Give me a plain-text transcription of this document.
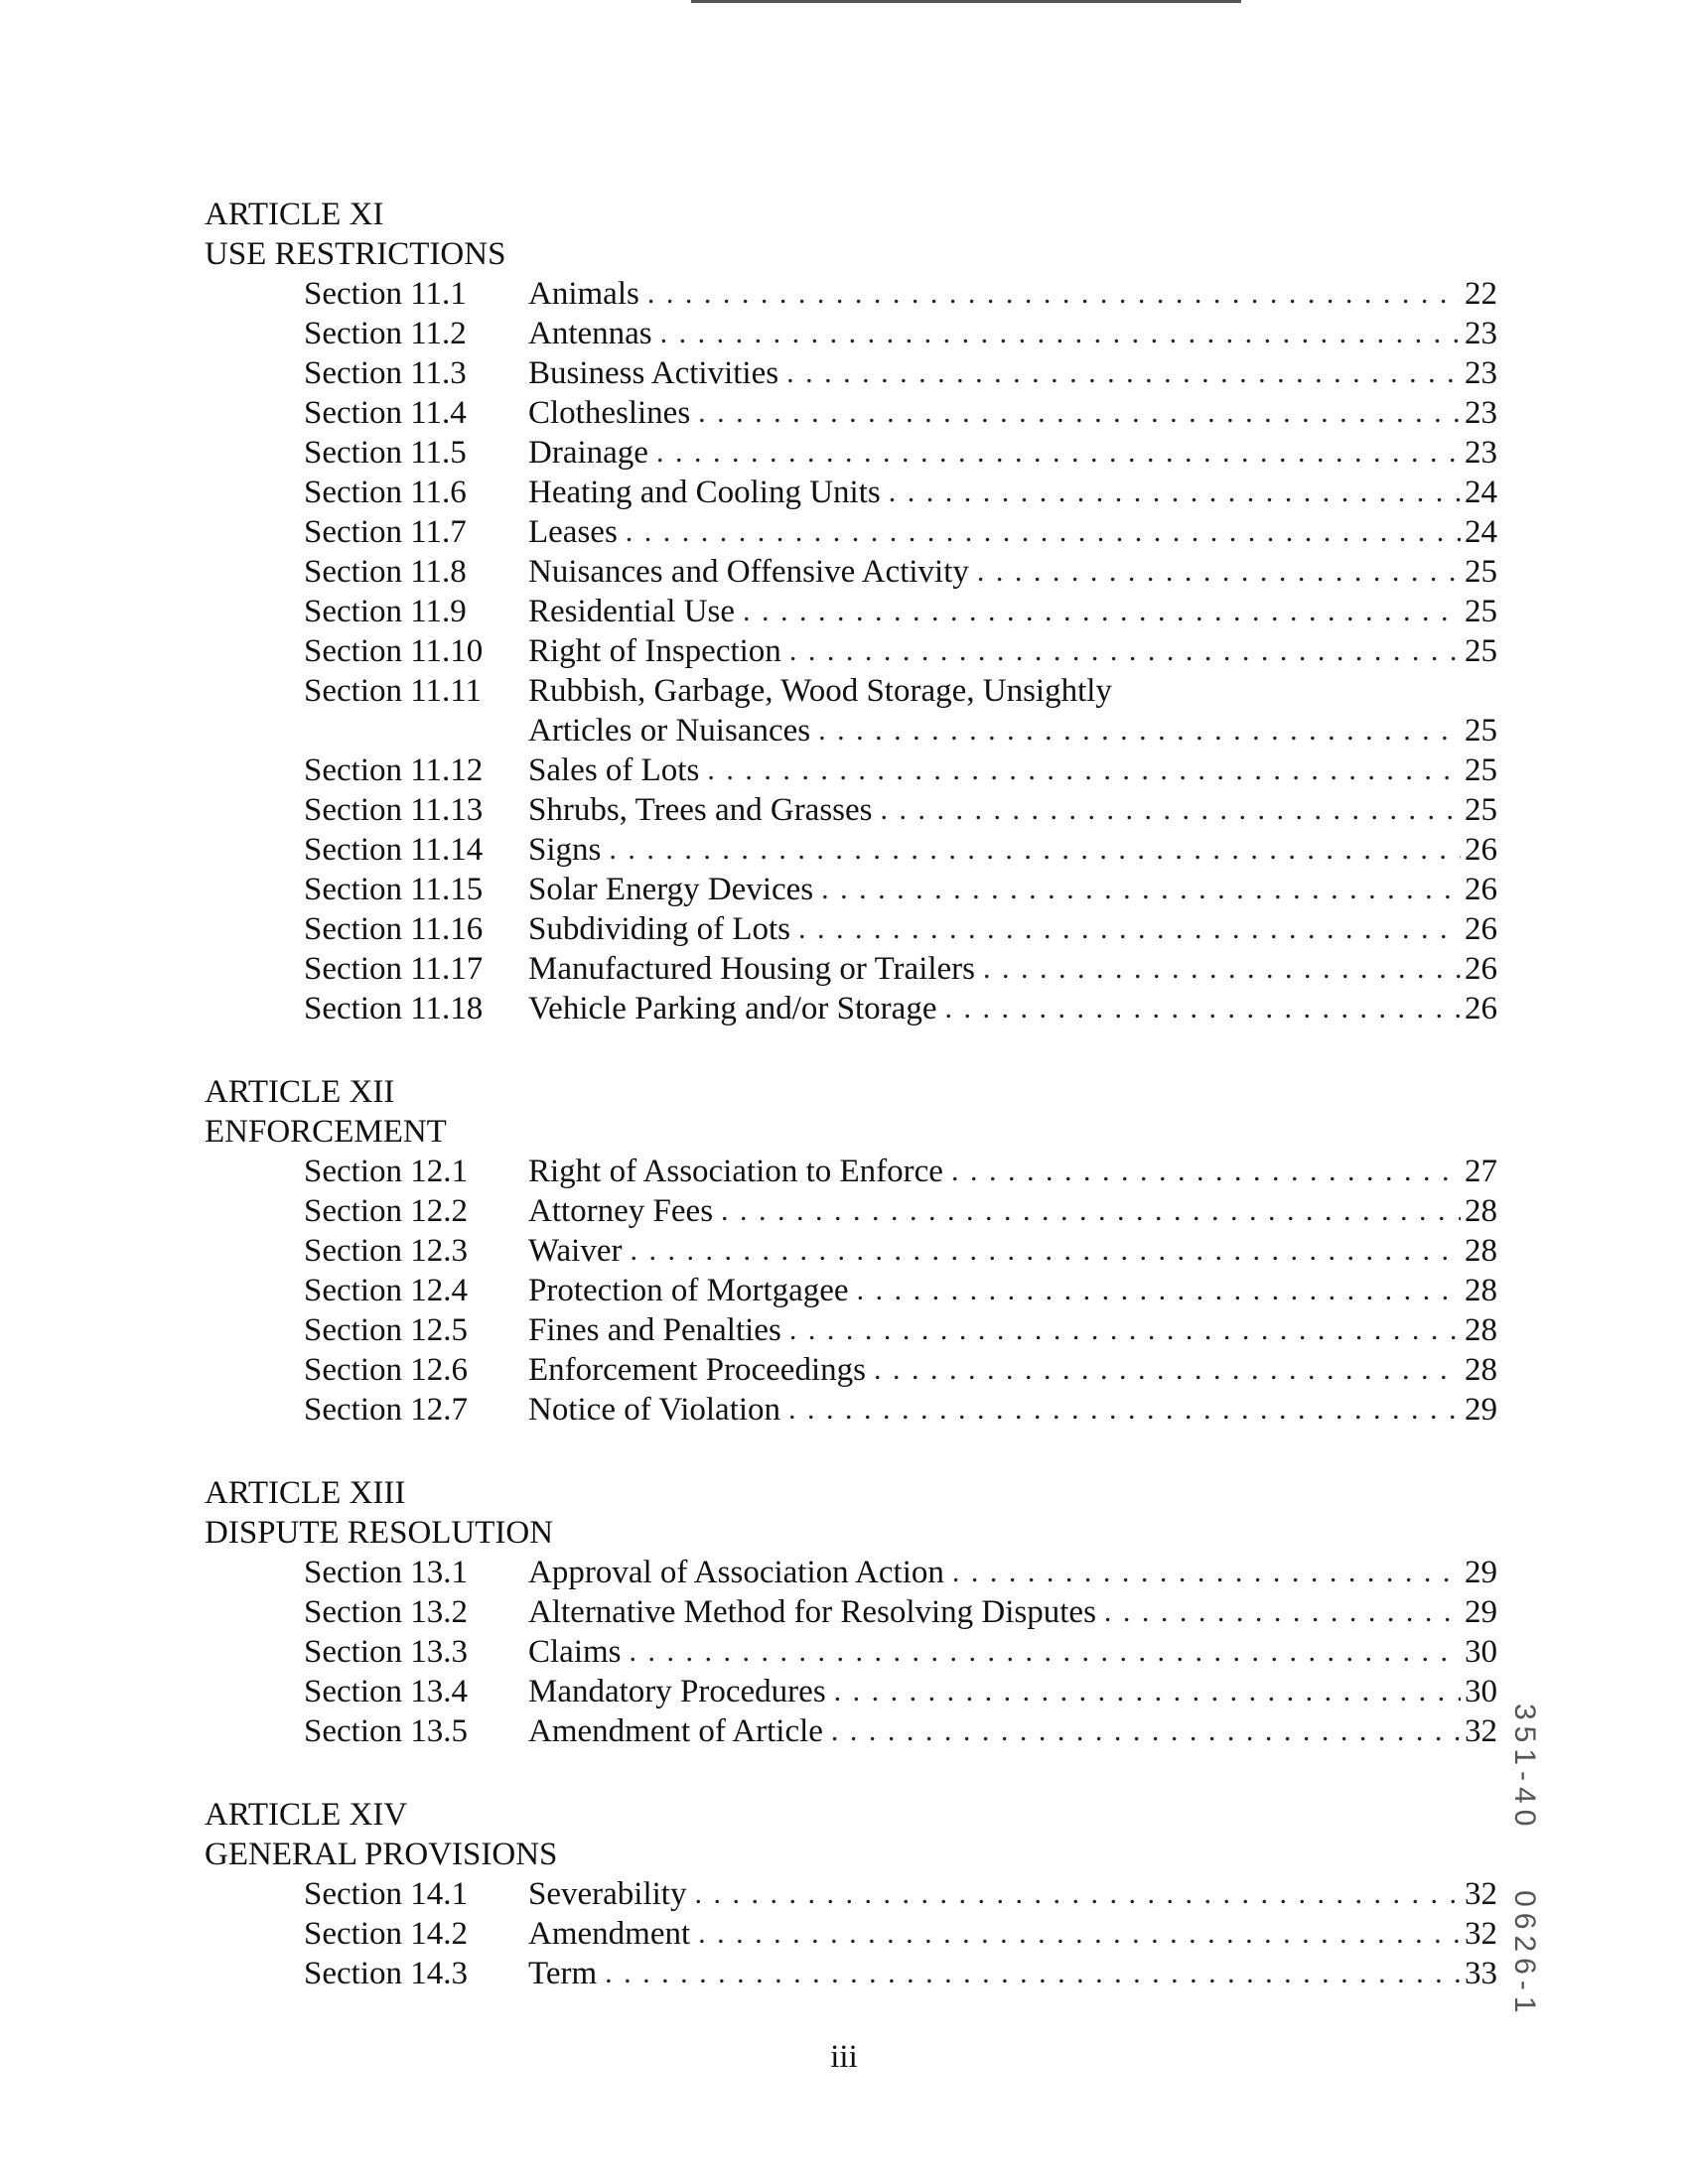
ARTICLE XI
USE RESTRICTIONS
Section 11.1	Animals . . .	22
Section 11.2	Antennas . . .	23
Section 11.3	Business Activities . . .	23
Section 11.4	Clotheslines . . .	23
Section 11.5	Drainage . . .	23
Section 11.6	Heating and Cooling Units . . .	24
Section 11.7	Leases . . .	24
Section 11.8	Nuisances and Offensive Activity . . .	25
Section 11.9	Residential Use . . .	25
Section 11.10	Right of Inspection . . .	25
Section 11.11	Rubbish, Garbage, Wood Storage, Unsightly
Articles or Nuisances . . .	25
Section 11.12	Sales of Lots . . .	25
Section 11.13	Shrubs, Trees and Grasses . . .	25
Section 11.14	Signs . . .	26
Section 11.15	Solar Energy Devices . . .	26
Section 11.16	Subdividing of Lots . . .	26
Section 11.17	Manufactured Housing or Trailers . . .	26
Section 11.18	Vehicle Parking and/or Storage . . .	26
ARTICLE XII
ENFORCEMENT
Section 12.1	Right of Association to Enforce . . .	27
Section 12.2	Attorney Fees . . .	28
Section 12.3	Waiver . . .	28
Section 12.4	Protection of Mortgagee . . .	28
Section 12.5	Fines and Penalties . . .	28
Section 12.6	Enforcement Proceedings . . .	28
Section 12.7	Notice of Violation . . .	29
ARTICLE XIII
DISPUTE RESOLUTION
Section 13.1	Approval of Association Action . . .	29
Section 13.2	Alternative Method for Resolving Disputes . . .	29
Section 13.3	Claims . . .	30
Section 13.4	Mandatory Procedures . . .	30
Section 13.5	Amendment of Article . . .	32
ARTICLE XIV
GENERAL PROVISIONS
Section 14.1	Severability . . .	32
Section 14.2	Amendment . . .	32
Section 14.3	Term . . .	33
iii
351-40  0626-1
